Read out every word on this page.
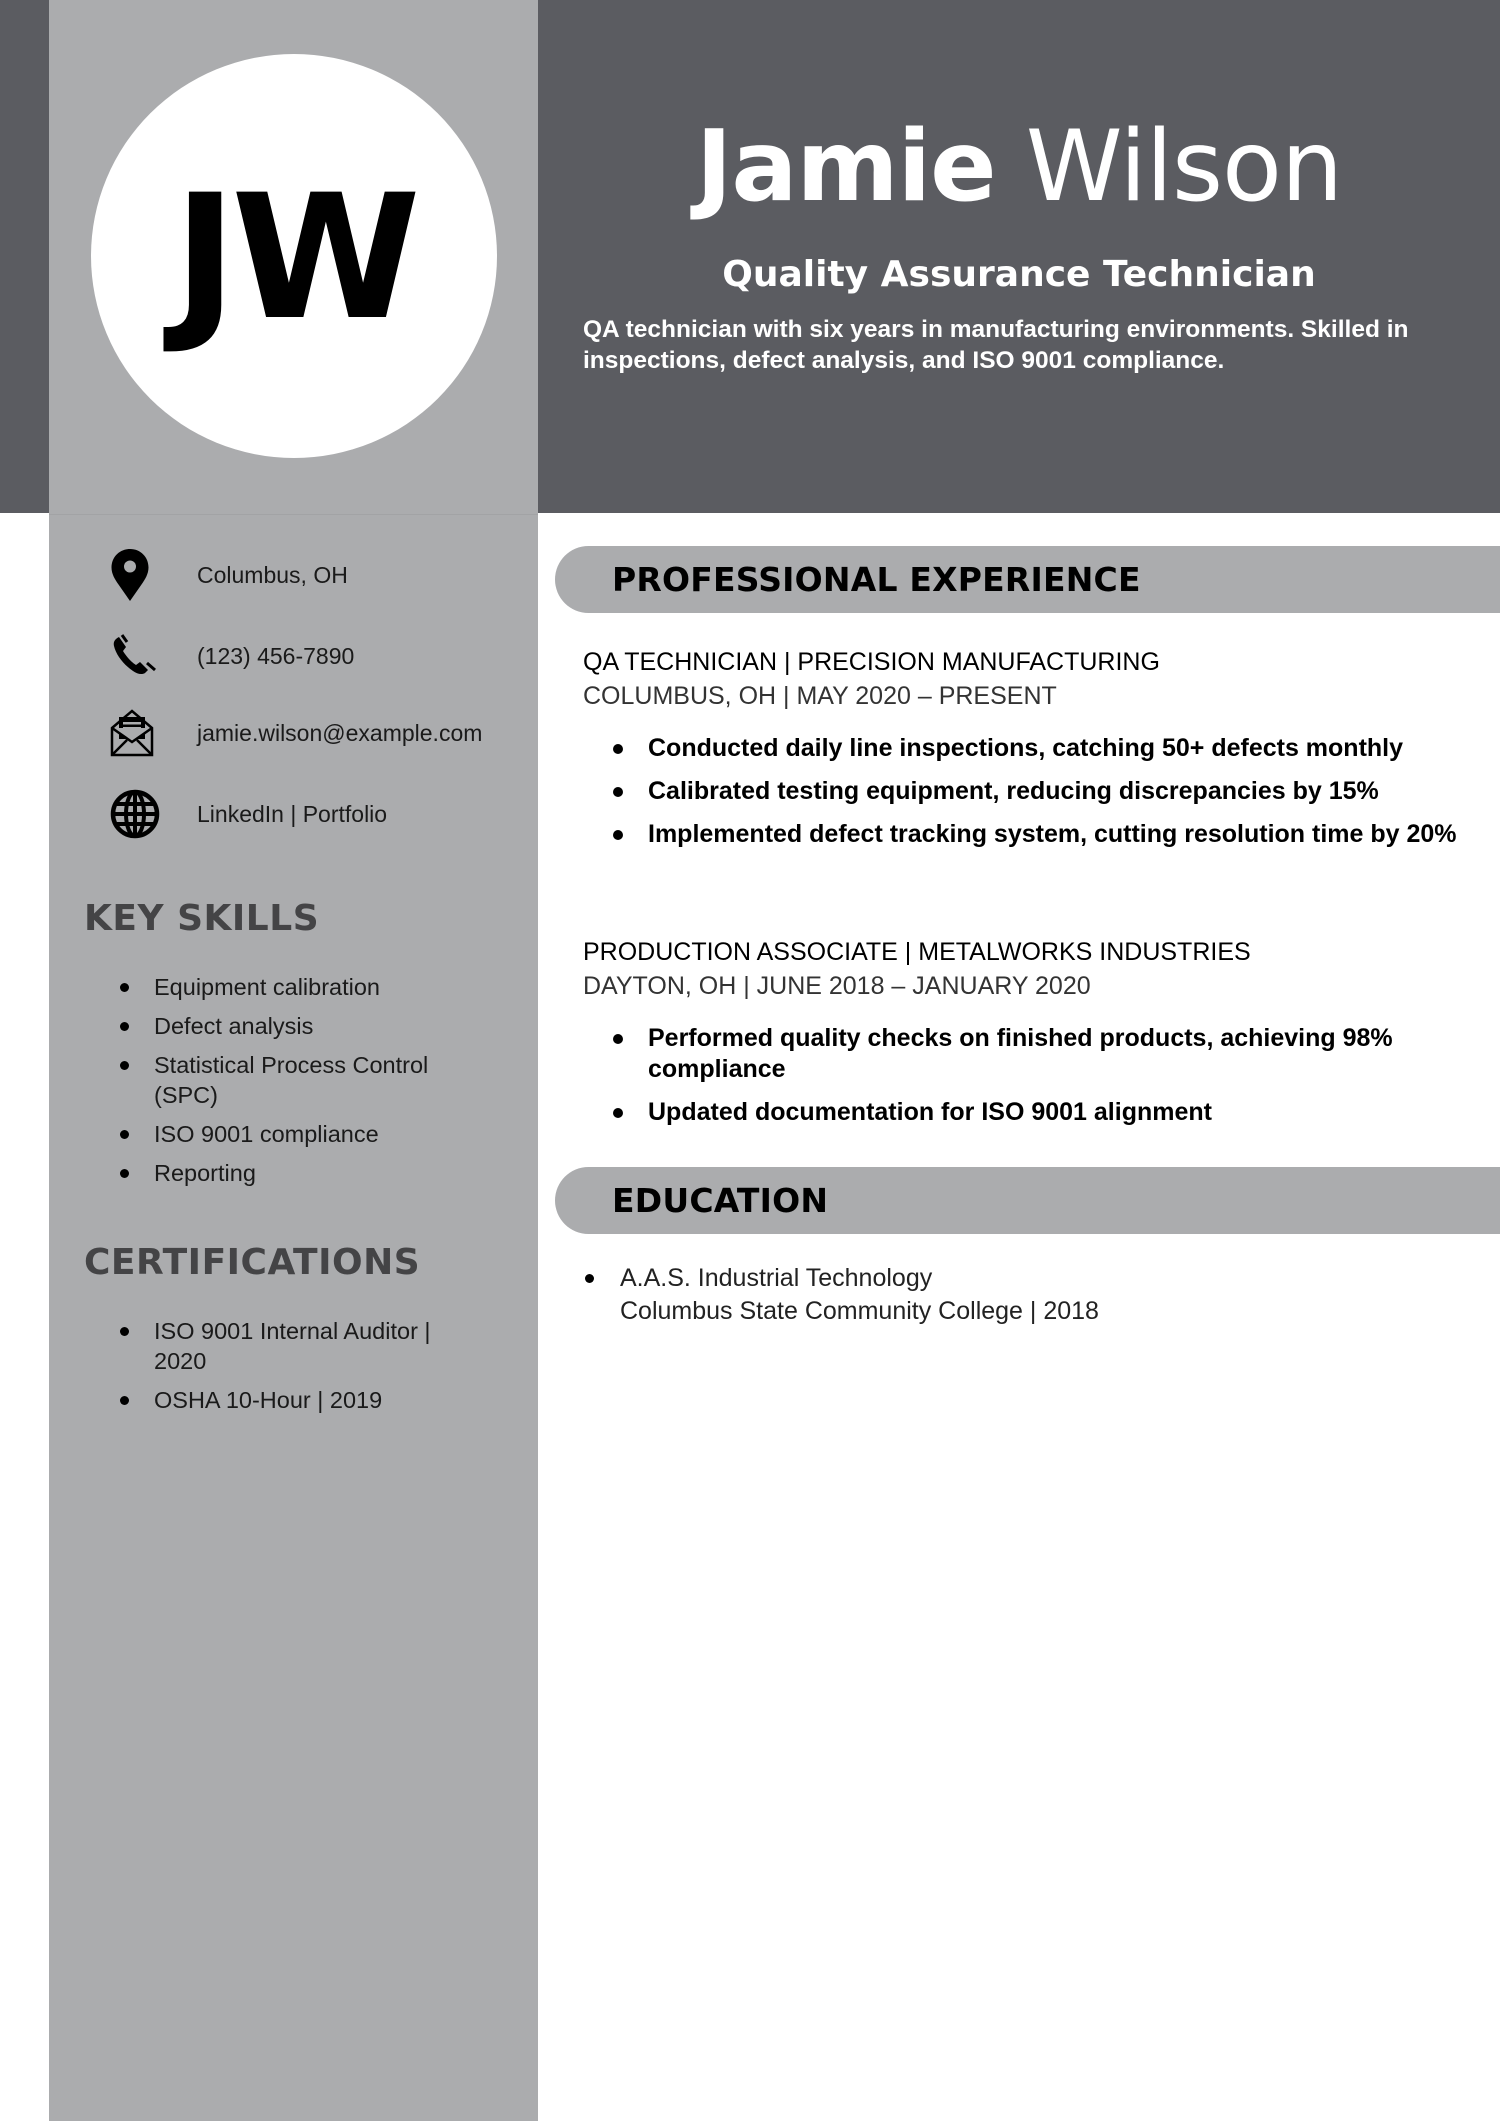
JW	Jamie Wilson
Quality Assurance Technician

QA technician with six years in manufacturing environments. Skilled in inspections, defect analysis, and ISO 9001 compliance.

Columbus, OH
(123) 456-7890
jamie.wilson@example.com
LinkedIn | Portfolio
KEY SKILLS
Equipment calibration
Defect analysis
Statistical Process Control (SPC)
ISO 9001 compliance
Reporting
CERTIFICATIONS
ISO 9001 Internal Auditor | 2020
OSHA 10-Hour | 2019
PROFESSIONAL EXPERIENCE
QA TECHNICIAN | PRECISION MANUFACTURING
COLUMBUS, OH | MAY 2020 – PRESENT
Conducted daily line inspections, catching 50+ defects monthly
Calibrated testing equipment, reducing discrepancies by 15%
Implemented defect tracking system, cutting resolution time by 20%
PRODUCTION ASSOCIATE | METALWORKS INDUSTRIES
DAYTON, OH | JUNE 2018 – JANUARY 2020
Performed quality checks on finished products, achieving 98% compliance
Updated documentation for ISO 9001 alignment
EDUCATION
A.A.S. Industrial Technology
Columbus State Community College | 2018
